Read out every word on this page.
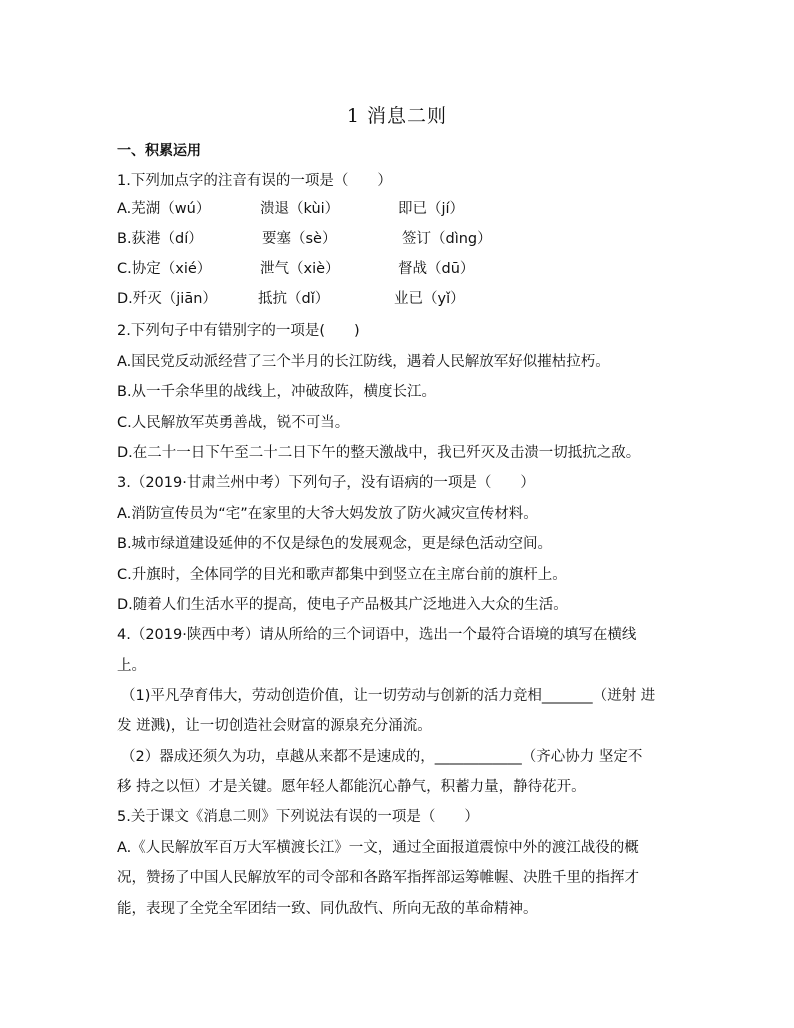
1 消息二则
一、积累运用
1.下列加点字的注音有误的一项是（　　）
A.芜湖（wú）	溃退（kùi）	即已（jí）
B.荻港（dí）	要塞（sè）	签订（dìng）
C.协定（xié）	泄气（xiè）	督战（dū）
D.歼灭（jiān）	抵抗（dǐ）	业已（yǐ）
2.下列句子中有错别字的一项是(　　)
A.国民党反动派经营了三个半月的长江防线，遇着人民解放军好似摧枯拉朽。
B.从一千余华里的战线上，冲破敌阵，横度长江。
C.人民解放军英勇善战，锐不可当。
D.在二十一日下午至二十二日下午的整天激战中，我已歼灭及击溃一切抵抗之敌。
3.（2019·甘肃兰州中考）下列句子，没有语病的一项是（　　）
A.消防宣传员为“宅”在家里的大爷大妈发放了防火减灾宣传材料。
B.城市绿道建设延伸的不仅是绿色的发展观念，更是绿色活动空间。
C.升旗时，全体同学的目光和歌声都集中到竖立在主席台前的旗杆上。
D.随着人们生活水平的提高，使电子产品极其广泛地进入大众的生活。
4.（2019·陕西中考）请从所给的三个词语中，选出一个最符合语境的填写在横线
上。
（1)平凡孕育伟大，劳动创造价值，让一切劳动与创新的活力竞相_______（迸射 进
发 迸溅)，让一切创造社会财富的源泉充分涌流。
（2）器成还须久为功，卓越从来都不是速成的，____________（齐心协力 坚定不
移 持之以恒）才是关键。愿年轻人都能沉心静气，积蓄力量，静待花开。
5.关于课文《消息二则》下列说法有误的一项是（　　）
A.《人民解放军百万大军横渡长江》一文，通过全面报道震惊中外的渡江战役的概
况，赞扬了中国人民解放军的司令部和各路军指挥部运筹帷幄、决胜千里的指挥才
能，表现了全党全军团结一致、同仇敌忾、所向无敌的革命精神。
